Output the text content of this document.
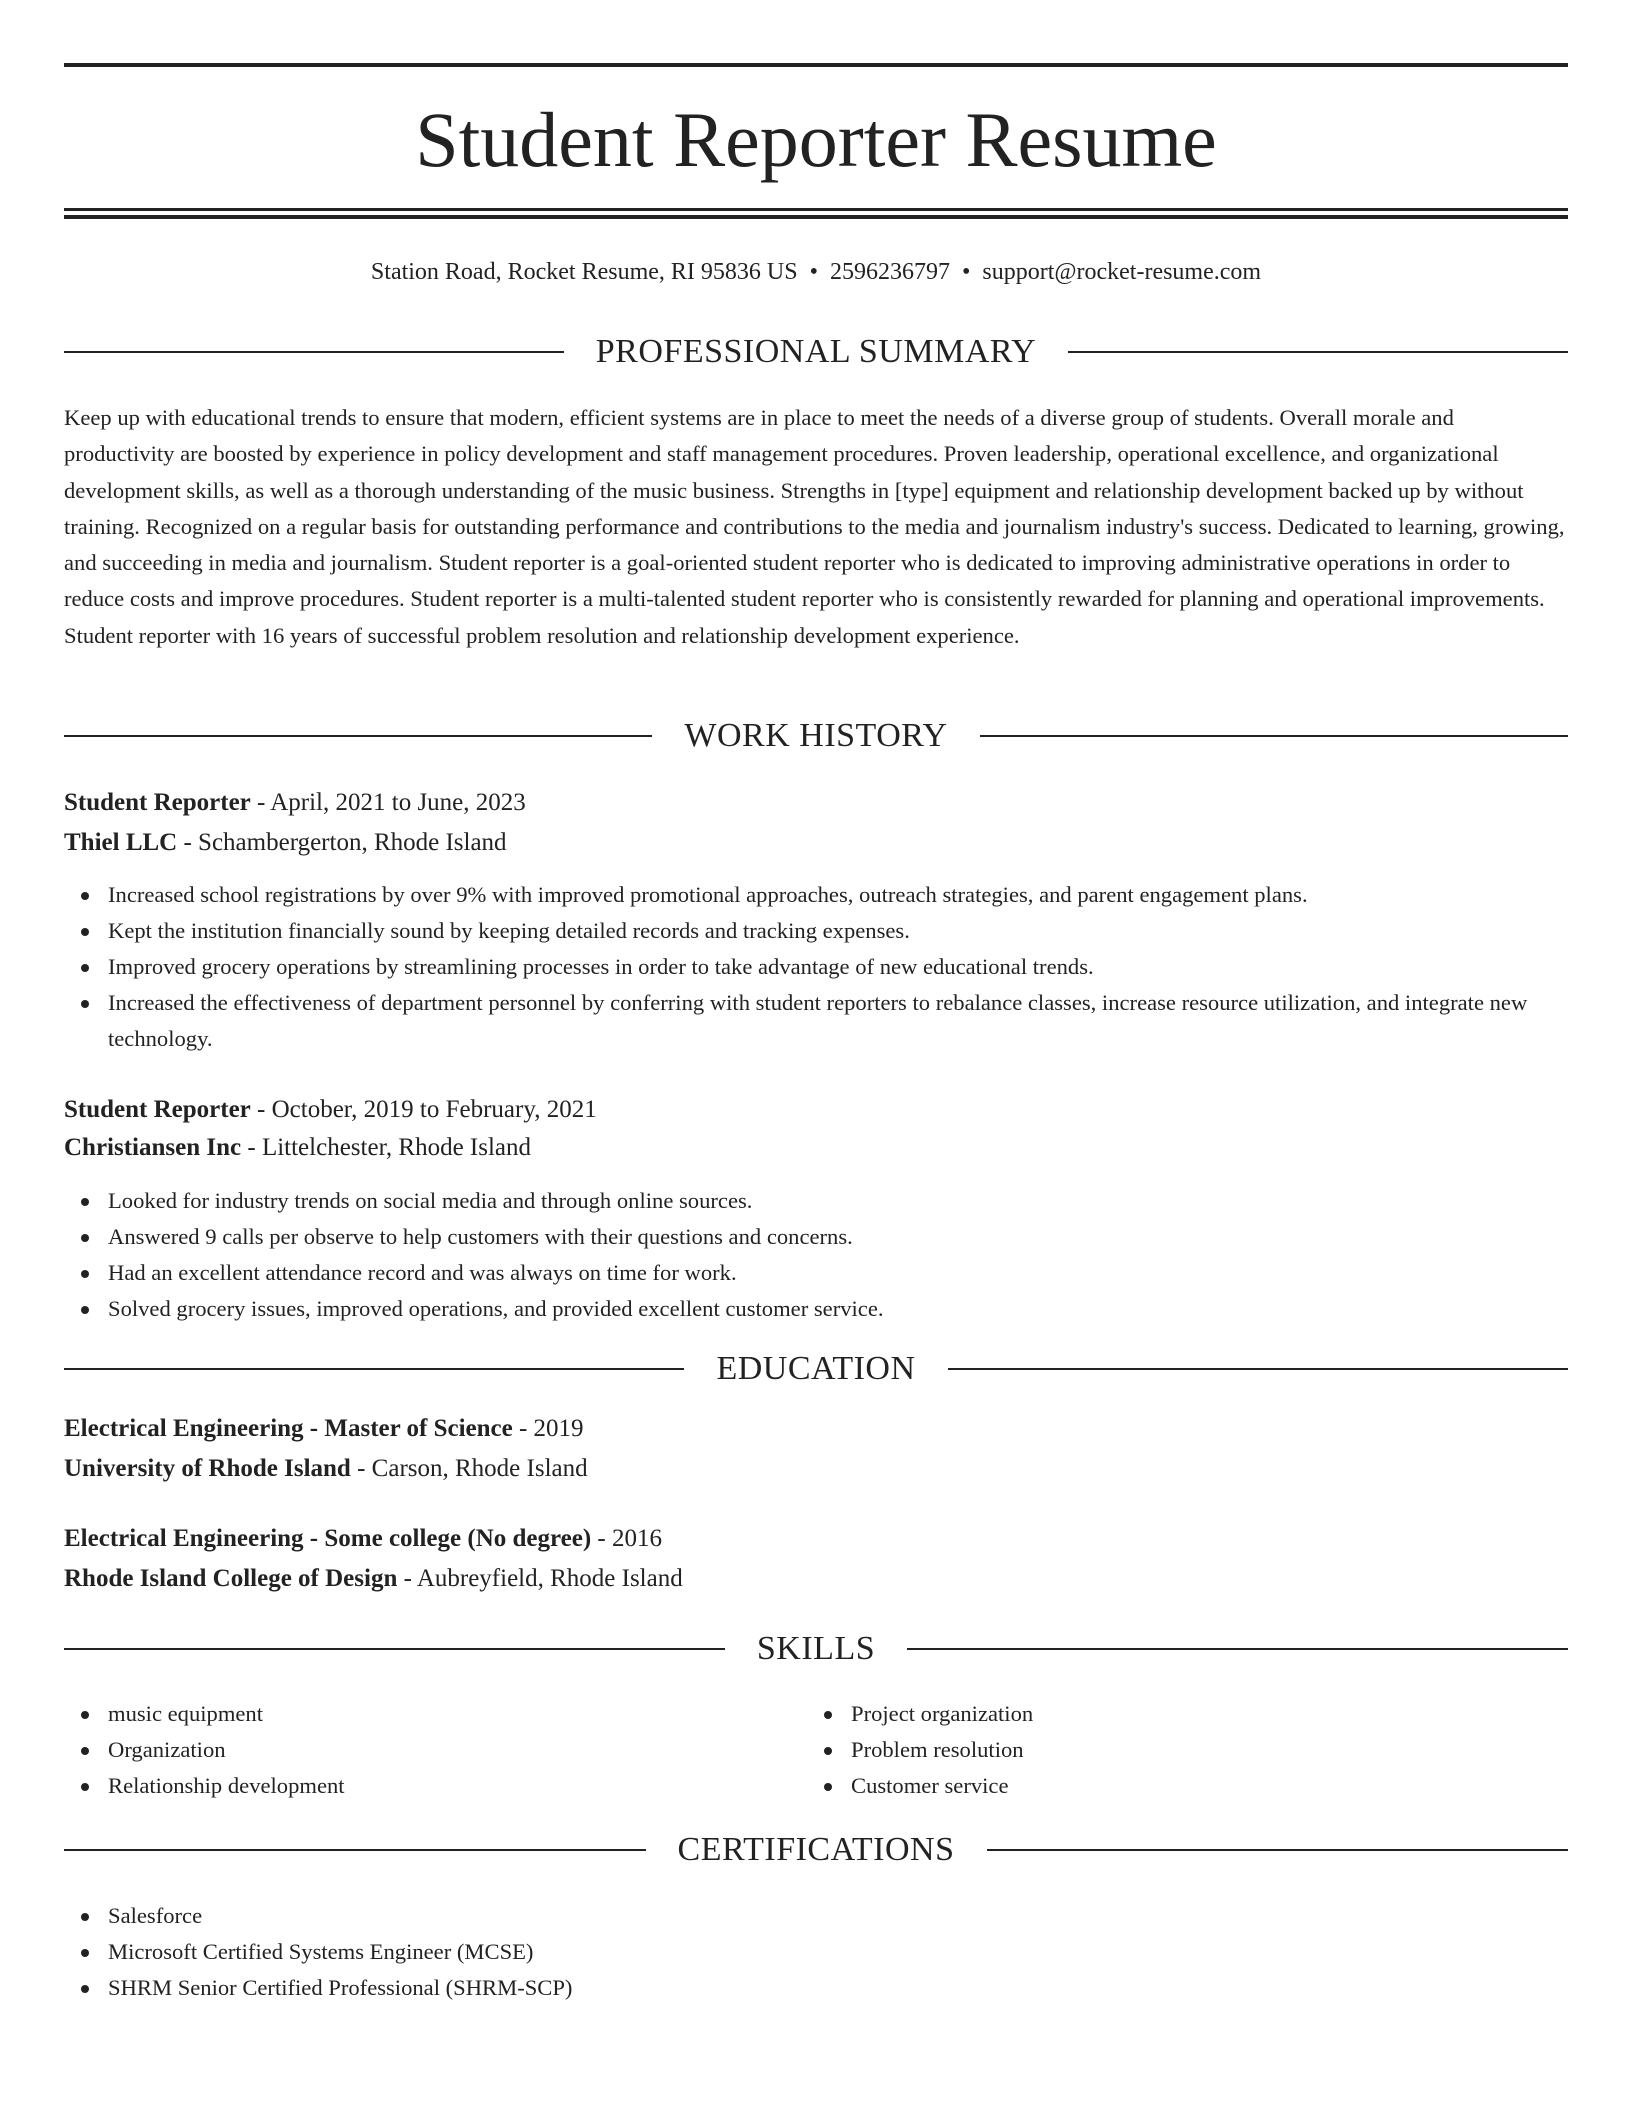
Student Reporter Resume
Station Road, Rocket Resume, RI 95836 US • 2596236797 • support@rocket-resume.com
PROFESSIONAL SUMMARY

Keep up with educational trends to ensure that modern, efficient systems are in place to meet the needs of a diverse group of students. Overall morale and productivity are boosted by experience in policy development and staff management procedures. Proven leadership, operational excellence, and organizational development skills, as well as a thorough understanding of the music business. Strengths in [type] equipment and relationship development backed up by without training. Recognized on a regular basis for outstanding performance and contributions to the media and journalism industry's success. Dedicated to learning, growing, and succeeding in media and journalism. Student reporter is a goal-oriented student reporter who is dedicated to improving administrative operations in order to reduce costs and improve procedures. Student reporter is a multi-talented student reporter who is consistently rewarded for planning and operational improvements. Student reporter with 16 years of successful problem resolution and relationship development experience.

WORK HISTORY
Student Reporter - April, 2021 to June, 2023
Thiel LLC - Schambergerton, Rhode Island
Increased school registrations by over 9% with improved promotional approaches, outreach strategies, and parent engagement plans.
Kept the institution financially sound by keeping detailed records and tracking expenses.
Improved grocery operations by streamlining processes in order to take advantage of new educational trends.
Increased the effectiveness of department personnel by conferring with student reporters to rebalance classes, increase resource utilization, and integrate new technology.
Student Reporter - October, 2019 to February, 2021
Christiansen Inc - Littelchester, Rhode Island
Looked for industry trends on social media and through online sources.
Answered 9 calls per observe to help customers with their questions and concerns.
Had an excellent attendance record and was always on time for work.
Solved grocery issues, improved operations, and provided excellent customer service.
EDUCATION
Electrical Engineering - Master of Science - 2019
University of Rhode Island - Carson, Rhode Island
Electrical Engineering - Some college (No degree) - 2016
Rhode Island College of Design - Aubreyfield, Rhode Island
SKILLS
music equipment
Organization
Relationship development
Project organization
Problem resolution
Customer service
CERTIFICATIONS
Salesforce
Microsoft Certified Systems Engineer (MCSE)
SHRM Senior Certified Professional (SHRM-SCP)
